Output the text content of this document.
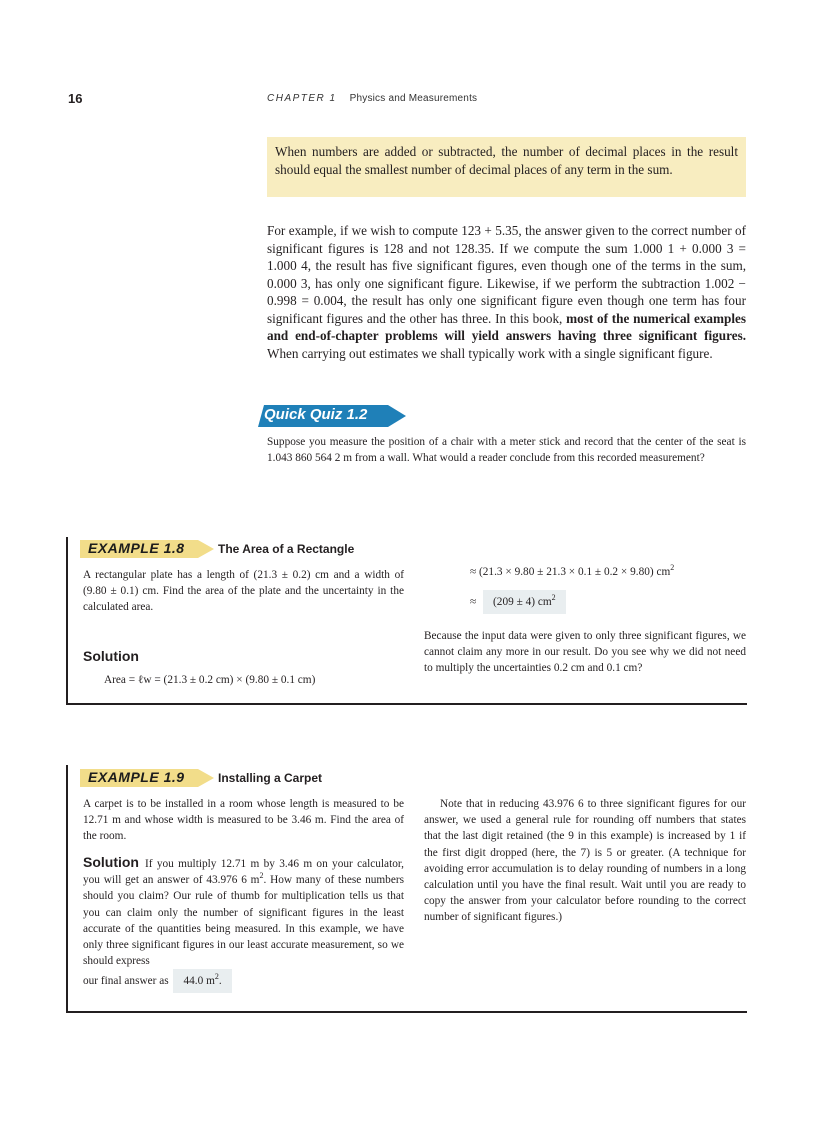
16	CHAPTER 1 Physics and Measurements
When numbers are added or subtracted, the number of decimal places in the result should equal the smallest number of decimal places of any term in the sum.

For example, if we wish to compute 123 + 5.35, the answer given to the correct number of significant figures is 128 and not 128.35. If we compute the sum 1.000 1 + 0.000 3 = 1.000 4, the result has five significant figures, even though one of the terms in the sum, 0.000 3, has only one significant figure. Likewise, if we perform the subtraction 1.002 − 0.998 = 0.004, the result has only one significant figure even though one term has four significant figures and the other has three. In this book, most of the numerical examples and end-of-chapter problems will yield answers having three significant figures. When carrying out estimates we shall typically work with a single significant figure.

Quick Quiz 1.2

Suppose you measure the position of a chair with a meter stick and record that the center of the seat is 1.043 860 564 2 m from a wall. What would a reader conclude from this recorded measurement?

EXAMPLE 1.8	The Area of a Rectangle

A rectangular plate has a length of (21.3 ± 0.2) cm and a width of (9.80 ± 0.1) cm. Find the area of the plate and the uncertainty in the calculated area.

Solution
Area = ℓw = (21.3 ± 0.2 cm) × (9.80 ± 0.1 cm)
≈ (21.3 × 9.80 ± 21.3 × 0.1 ± 0.2 × 9.80) $cm^2$
≈ (209 ± 4) $cm^2$

Because the input data were given to only three significant figures, we cannot claim any more in our result. Do you see why we did not need to multiply the uncertainties 0.2 cm and 0.1 cm?

EXAMPLE 1.9	Installing a Carpet

A carpet is to be installed in a room whose length is measured to be 12.71 m and whose width is measured to be 3.46 m. Find the area of the room.

Solution If you multiply 12.71 m by 3.46 m on your calculator, you will get an answer of 43.976 6 $m^2$. How many of these numbers should you claim? Our rule of thumb for multiplication tells us that you can claim only the number of significant figures in the least accurate of the quantities being measured. In this example, we have only three significant figures in our least accurate measurement, so we should express

our final answer as 44.0 $m^2$.

Note that in reducing 43.976 6 to three significant figures for our answer, we used a general rule for rounding off numbers that states that the last digit retained (the 9 in this example) is increased by 1 if the first digit dropped (here, the 7) is 5 or greater. (A technique for avoiding error accumulation is to delay rounding of numbers in a long calculation until you have the final result. Wait until you are ready to copy the answer from your calculator before rounding to the correct number of significant figures.)
